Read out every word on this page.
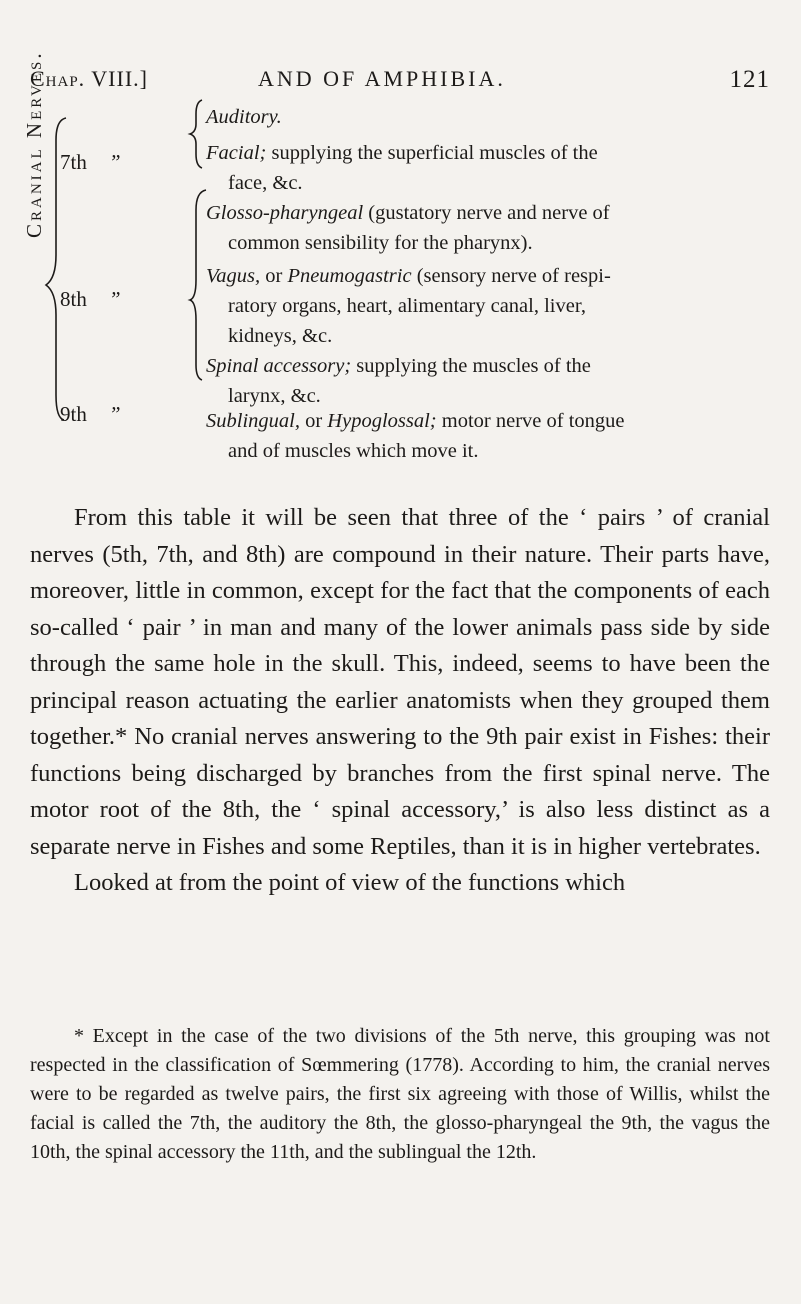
Chap. VIII.]	AND OF AMPHIBIA.	121
Cranial Nerves. 7th ”
8th ”
9th ”
Auditory.
Facial; supplying the superficial muscles of the
face, &c.
Glosso-pharyngeal (gustatory nerve and nerve of
common sensibility for the pharynx).
Vagus, or Pneumogastric (sensory nerve of respi-
ratory organs, heart, alimentary canal, liver,
kidneys, &c.
Spinal accessory; supplying the muscles of the
larynx, &c.
Sublingual, or Hypoglossal; motor nerve of tongue
and of muscles which move it.

From this table it will be seen that three of the ‘ pairs ’ of cranial nerves (5th, 7th, and 8th) are compound in their nature. Their parts have, moreover, little in common, except for the fact that the components of each so-called ‘ pair ’ in man and many of the lower animals pass side by side through the same hole in the skull. This, indeed, seems to have been the principal reason actuating the earlier anatomists when they grouped them together.* No cranial nerves answering to the 9th pair exist in Fishes: their functions being discharged by branches from the first spinal nerve. The motor root of the 8th, the ‘ spinal accessory,’ is also less distinct as a separate nerve in Fishes and some Reptiles, than it is in higher vertebrates.

Looked at from the point of view of the functions which

* Except in the case of the two divisions of the 5th nerve, this grouping was not respected in the classification of Sœmmering (1778). According to him, the cranial nerves were to be regarded as twelve pairs, the first six agreeing with those of Willis, whilst the facial is called the 7th, the auditory the 8th, the glosso-pharyngeal the 9th, the vagus the 10th, the spinal accessory the 11th, and the sublingual the 12th.
